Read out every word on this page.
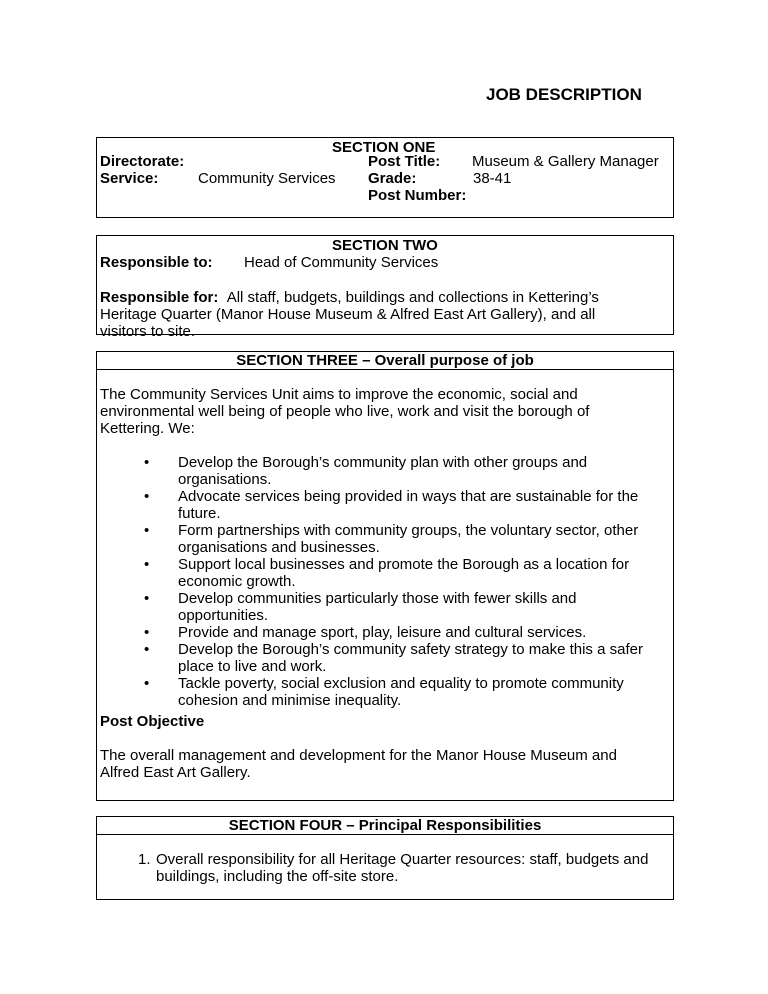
JOB DESCRIPTION
SECTION ONE
Directorate:
Service:	Community Services
Post Title: Museum & Gallery Manager
Grade:	38-41
Post Number:
SECTION TWO
Responsible to: Head of Community Services
Responsible for: All staff, budgets, buildings and collections in Kettering’s
Heritage Quarter (Manor House Museum & Alfred East Art Gallery), and all
visitors to site.
SECTION THREE – Overall purpose of job
The Community Services Unit aims to improve the economic, social and
environmental well being of people who live, work and visit the borough of
Kettering. We:
• Develop the Borough’s community plan with other groups and
organisations.
• Advocate services being provided in ways that are sustainable for the
future.
• Form partnerships with community groups, the voluntary sector, other
organisations and businesses.
• Support local businesses and promote the Borough as a location for
economic growth.
• Develop communities particularly those with fewer skills and
opportunities.
• Provide and manage sport, play, leisure and cultural services.
• Develop the Borough’s community safety strategy to make this a safer
place to live and work.
• Tackle poverty, social exclusion and equality to promote community
cohesion and minimise inequality.
Post Objective
The overall management and development for the Manor House Museum and
Alfred East Art Gallery.
SECTION FOUR – Principal Responsibilities
1. Overall responsibility for all Heritage Quarter resources: staff, budgets and
buildings, including the off-site store.
